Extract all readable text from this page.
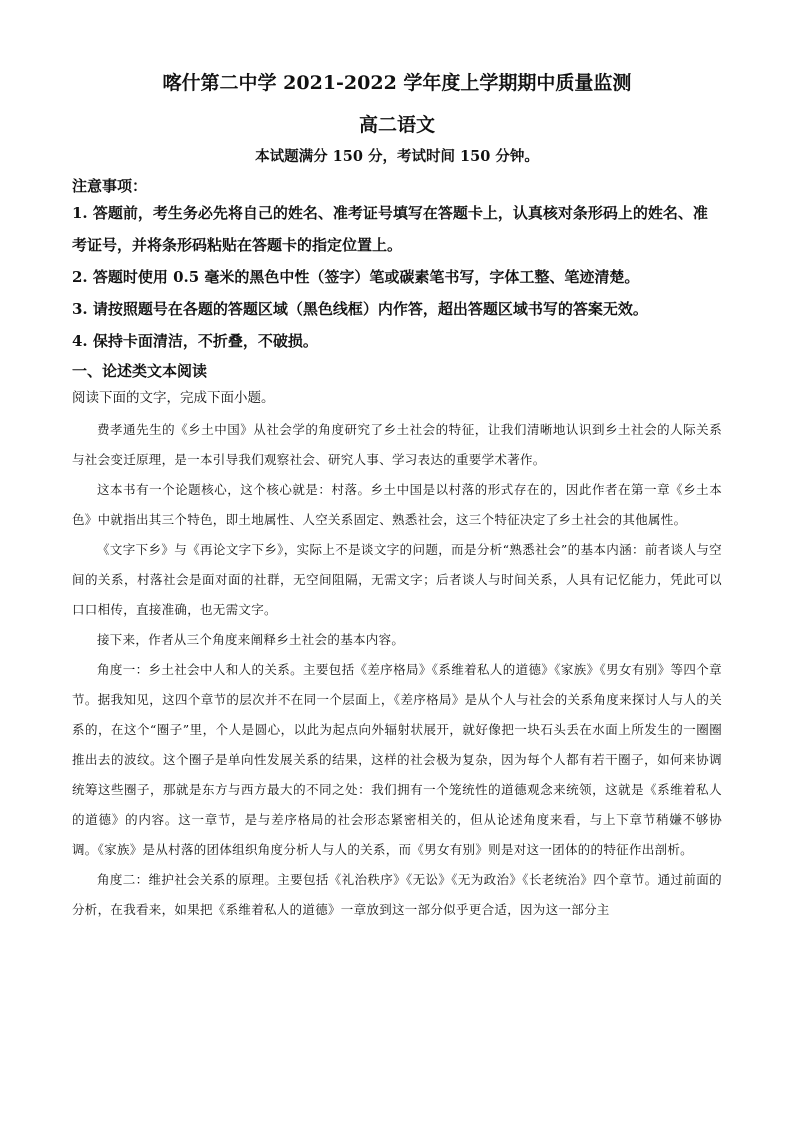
喀什第二中学 2021-2022 学年度上学期期中质量监测
高二语文

本试题满分 150 分，考试时间 150 分钟。

注意事项：

1. 答题前，考生务必先将自己的姓名、准考证号填写在答题卡上，认真核对条形码上的姓名、准考证号，并将条形码粘贴在答题卡的指定位置上。

2. 答题时使用 0.5 毫米的黑色中性（签字）笔或碳素笔书写，字体工整、笔迹清楚。

3. 请按照题号在各题的答题区域（黑色线框）内作答，超出答题区域书写的答案无效。

4. 保持卡面清洁，不折叠，不破损。

一、论述类文本阅读

阅读下面的文字，完成下面小题。

费孝通先生的《乡土中国》从社会学的角度研究了乡土社会的特征，让我们清晰地认识到乡土社会的人际关系与社会变迁原理，是一本引导我们观察社会、研究人事、学习表达的重要学术著作。

这本书有一个论题核心，这个核心就是：村落。乡土中国是以村落的形式存在的，因此作者在第一章《乡土本色》中就指出其三个特色，即土地属性、人空关系固定、熟悉社会，这三个特征决定了乡土社会的其他属性。

《文字下乡》与《再论文字下乡》，实际上不是谈文字的问题，而是分析“熟悉社会”的基本内涵：前者谈人与空间的关系，村落社会是面对面的社群，无空间阻隔，无需文字；后者谈人与时间关系，人具有记忆能力，凭此可以口口相传，直接准确，也无需文字。

接下来，作者从三个角度来阐释乡土社会的基本内容。

角度一：乡土社会中人和人的关系。主要包括《差序格局》《系维着私人的道德》《家族》《男女有别》等四个章节。据我知见，这四个章节的层次并不在同一个层面上，《差序格局》是从个人与社会的关系角度来探讨人与人的关系的，在这个“圈子”里，个人是圆心，以此为起点向外辐射状展开，就好像把一块石头丢在水面上所发生的一圈圈推出去的波纹。这个圈子是单向性发展关系的结果，这样的社会极为复杂，因为每个人都有若干圈子，如何来协调统筹这些圈子，那就是东方与西方最大的不同之处：我们拥有一个笼统性的道德观念来统领，这就是《系维着私人的道德》的内容。这一章节，是与差序格局的社会形态紧密相关的，但从论述角度来看，与上下章节稍嫌不够协调。《家族》是从村落的团体组织角度分析人与人的关系，而《男女有别》则是对这一团体的的特征作出剖析。

角度二：维护社会关系的原理。主要包括《礼治秩序》《无讼》《无为政治》《长老统治》四个章节。通过前面的分析，在我看来，如果把《系维着私人的道德》一章放到这一部分似乎更合适，因为这一部分主
